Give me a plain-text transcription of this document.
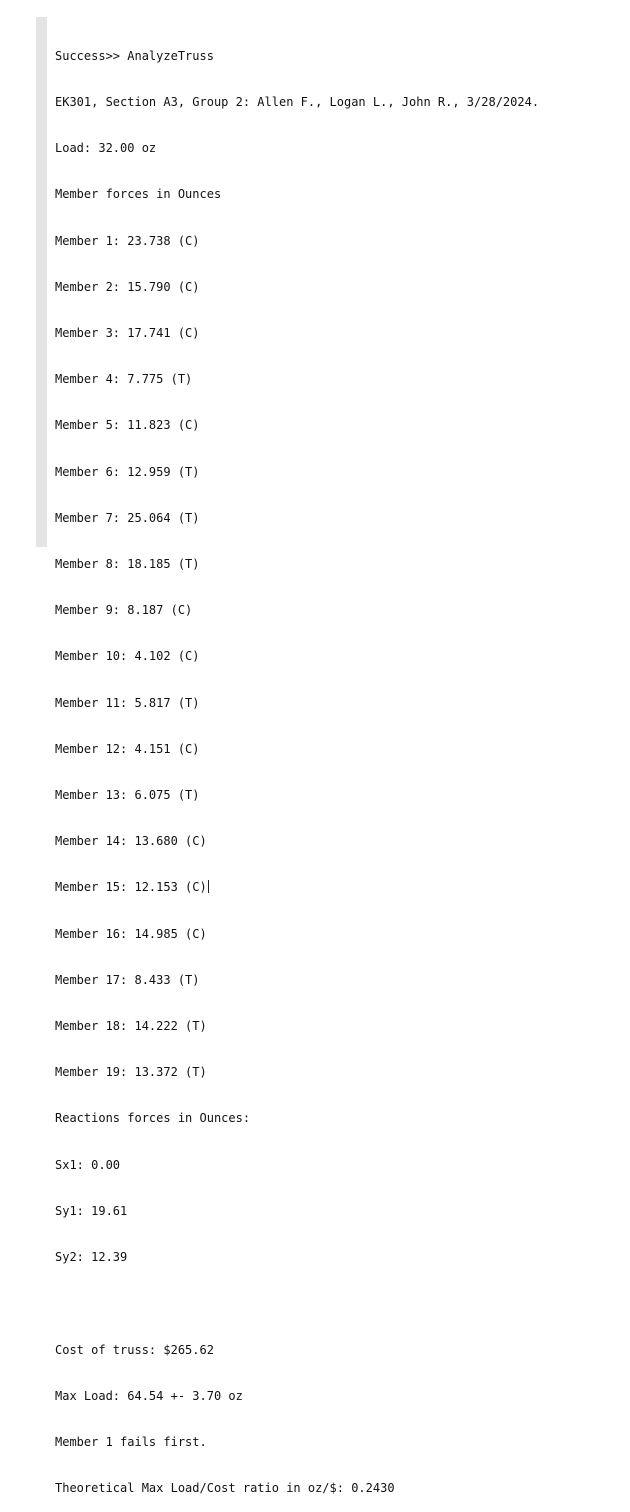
Success>> AnalyzeTruss

EK301, Section A3, Group 2: Allen F., Logan L., John R., 3/28/2024.

Load: 32.00 oz

Member forces in Ounces

Member 1: 23.738 (C)

Member 2: 15.790 (C)

Member 3: 17.741 (C)

Member 4: 7.775 (T)

Member 5: 11.823 (C)

Member 6: 12.959 (T)

Member 7: 25.064 (T)

Member 8: 18.185 (T)

Member 9: 8.187 (C)

Member 10: 4.102 (C)

Member 11: 5.817 (T)

Member 12: 4.151 (C)

Member 13: 6.075 (T)

Member 14: 13.680 (C)

Member 15: 12.153 (C)

Member 16: 14.985 (C)

Member 17: 8.433 (T)

Member 18: 14.222 (T)

Member 19: 13.372 (T)

Reactions forces in Ounces:

Sx1: 0.00

Sy1: 19.61

Sy2: 12.39

Cost of truss: $265.62

Max Load: 64.54 +- 3.70 oz

Member 1 fails first.

Theoretical Max Load/Cost ratio in oz/$: 0.2430
